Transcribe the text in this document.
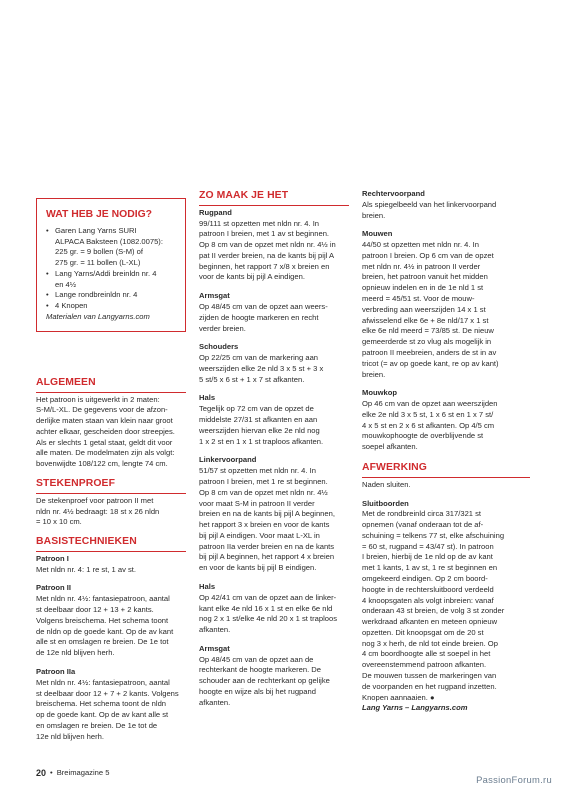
WAT HEB JE NODIG?
• Garen Lang Yarns SURI
ALPACA Baksteen (1082.0075):
225 gr. = 9 bollen (S-M) of
275 gr. = 11 bollen (L-XL)
• Lang Yarns/Addi breinldn nr. 4
en 4½
• Lange rondbreinldn nr. 4
• 4 Knopen
Materialen van Langyarns.com
ALGEMEEN

Het patroon is uitgewerkt in 2 maten:
S-M/L-XL. De gegevens voor de afzon-
derlijke maten staan van klein naar groot
achter elkaar, gescheiden door streepjes.
Als er slechts 1 getal staat, geldt dit voor
alle maten. De modelmaten zijn als volgt:
bovenwijdte 108/122 cm, lengte 74 cm.

STEKENPROEF

De stekenproef voor patroon II met
nldn nr. 4½ bedraagt: 18 st x 26 nldn
= 10 x 10 cm.

BASISTECHNIEKEN
Patroon I

Met nldn nr. 4: 1 re st, 1 av st.

Patroon II

Met nldn nr. 4½: fantasiepatroon, aantal
st deelbaar door 12 + 13 + 2 kants.
Volgens breischema. Het schema toont
de nldn op de goede kant. Op de av kant
alle st en omslagen re breien. De 1e tot
de 12e nld blijven herh.

Patroon IIa

Met nldn nr. 4½: fantasiepatroon, aantal
st deelbaar door 12 + 7 + 2 kants. Volgens
breischema. Het schema toont de nldn
op de goede kant. Op de av kant alle st
en omslagen re breien. De 1e tot de
12e nld blijven herh.

ZO MAAK JE HET
Rugpand

99/111 st opzetten met nldn nr. 4. In
patroon I breien, met 1 av st beginnen.
Op 8 cm van de opzet met nldn nr. 4½ in
pat II verder breien, na de kants bij pijl A
beginnen, het rapport 7 x/8 x breien en
voor de kants bij pijl A eindigen.

Armsgat

Op 48/45 cm van de opzet aan weers-
zijden de hoogte markeren en recht
verder breien.

Schouders

Op 22/25 cm van de markering aan
weerszijden elke 2e nld 3 x 5 st + 3 x
5 st/5 x 6 st + 1 x 7 st afkanten.

Hals

Tegelijk op 72 cm van de opzet de
middelste 27/31 st afkanten en aan
weerszijden hiervan elke 2e nld nog
1 x 2 st en 1 x 1 st traploos afkanten.

Linkervoorpand

51/57 st opzetten met nldn nr. 4. In
patroon I breien, met 1 re st beginnen.
Op 8 cm van de opzet met nldn nr. 4½
voor maat S-M in patroon II verder
breien en na de kants bij pijl A beginnen,
het rapport 3 x breien en voor de kants
bij pijl A eindigen. Voor maat L-XL in
patroon IIa verder breien en na de kants
bij pijl A beginnen, het rapport 4 x breien
en voor de kants bij pijl B eindigen.

Hals

Op 42/41 cm van de opzet aan de linker-
kant elke 4e nld 16 x 1 st en elke 6e nld
nog 2 x 1 st/elke 4e nld 20 x 1 st traploos
afkanten.

Armsgat

Op 48/45 cm van de opzet aan de
rechterkant de hoogte markeren. De
schouder aan de rechterkant op gelijke
hoogte en wijze als bij het rugpand
afkanten.

Rechtervoorpand

Als spiegelbeeld van het linkervoorpand
breien.

Mouwen

44/50 st opzetten met nldn nr. 4. In
patroon I breien. Op 6 cm van de opzet
met nldn nr. 4½ in patroon II verder
breien, het patroon vanuit het midden
opnieuw indelen en in de 1e nld 1 st
meerd = 45/51 st. Voor de mouw-
verbreding aan weerszijden 14 x 1 st
afwisselend elke 6e + 8e nld/17 x 1 st
elke 6e nld meerd = 73/85 st. De nieuw
gemeerderde st zo vlug als mogelijk in
patroon II meebreien, anders de st in av
tricot (= av op goede kant, re op av kant)
breien.

Mouwkop

Op 46 cm van de opzet aan weerszijden
elke 2e nld 3 x 5 st, 1 x 6 st en 1 x 7 st/
4 x 5 st en 2 x 6 st afkanten. Op 4/5 cm
mouwkophoogte de overblijvende st
soepel afkanten.

AFWERKING

Naden sluiten.

Sluitboorden

Met de rondbreinld circa 317/321 st
opnemen (vanaf onderaan tot de af-
schuining = telkens 77 st, elke afschuining
= 60 st, rugpand = 43/47 st). In patroon
I breien, hierbij de 1e nld op de av kant
met 1 kants, 1 av st, 1 re st beginnen en
omgekeerd eindigen. Op 2 cm boord-
hoogte in de rechtersluitboord verdeeld
4 knoopsgaten als volgt inbreien: vanaf
onderaan 43 st breien, de volg 3 st zonder
werkdraad afkanten en meteen opnieuw
opzetten. Dit knoopsgat om de 20 st
nog 3 x herh, de nld tot einde breien. Op
4 cm boordhoogte alle st soepel in het
overeenstemmend patroon afkanten.
De mouwen tussen de markeringen van
de voorpanden en het rugpand inzetten.
Knopen aannaaien. ●

Lang Yarns – Langyarns.com
20 • Breimagazine 5
PassionForum.ru
